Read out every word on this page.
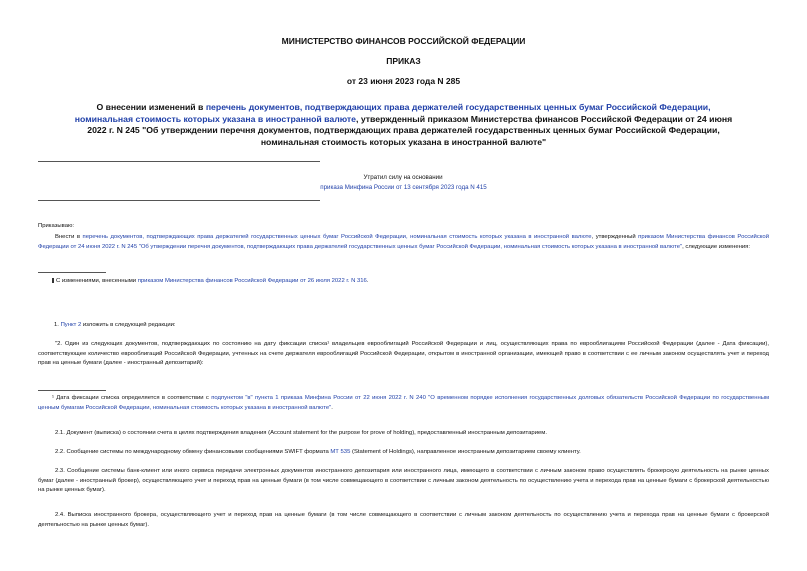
МИНИСТЕРСТВО ФИНАНСОВ РОССИЙСКОЙ ФЕДЕРАЦИИ
ПРИКАЗ
от 23 июня 2023 года N 285
О внесении изменений в перечень документов, подтверждающих права держателей государственных ценных бумаг Российской Федерации, номинальная стоимость которых указана в иностранной валюте, утвержденный приказом Министерства финансов Российской Федерации от 24 июня 2022 г. N 245 "Об утверждении перечня документов, подтверждающих права держателей государственных ценных бумаг Российской Федерации, номинальная стоимость которых указана в иностранной валюте"
Утратил силу на основании
приказа Минфина России от 13 сентября 2023 года N 415
Приказываю:
Внести в перечень документов, подтверждающих права держателей государственных ценных бумаг Российской Федерации, номинальная стоимость которых указана в иностранной валюте, утвержденный приказом Министерства финансов Российской Федерации от 24 июня 2022 г. N 245 "Об утверждении перечня документов, подтверждающих права держателей государственных ценных бумаг Российской Федерации, номинальная стоимость которых указана в иностранной валюте", следующие изменения:
С изменениями, внесенными приказом Министерства финансов Российской Федерации от 26 июля 2022 г. N 316.
1. Пункт 2 изложить в следующей редакции:
"2. Один из следующих документов, подтверждающих по состоянию на дату фиксации списка¹ владельцев еврооблигаций Российской Федерации и лиц, осуществляющих права по еврооблигациям Российской Федерации (далее - Дата фиксации), соответствующее количество еврооблигаций Российской Федерации, учтенных на счете держателя еврооблигаций Российской Федерации, открытом в иностранной организации, имеющей право в соответствии с ее личным законом осуществлять учет и переход прав на ценные бумаги (далее - иностранный депозитарий):
¹ Дата фиксации списка определяется в соответствии с подпунктом "в" пункта 1 приказа Минфина России от 22 июня 2022 г. N 240 "О временном порядке исполнения государственных долговых обязательств Российской Федерации по государственным ценным бумагам Российской Федерации, номинальная стоимость которых указана в иностранной валюте".
2.1. Документ (выписка) о состоянии счета в целях подтверждения владения (Account statement for the purpose for prove of holding), предоставленный иностранным депозитарием.
2.2. Сообщение системы по международному обмену финансовыми сообщениями SWIFT формата МТ 535 (Statement of Holdings), направленное иностранным депозитарием своему клиенту.
2.3. Сообщение системы банк-клиент или иного сервиса передачи электронных документов иностранного депозитария или иностранного лица, имеющего в соответствии с личным законом право осуществлять брокерскую деятельность на рынке ценных бумаг (далее - иностранный брокер), осуществляющего учет и переход прав на ценные бумаги (в том числе совмещающего в соответствии с личным законом деятельность по осуществлению учета и перехода прав на ценные бумаги с брокерской деятельностью на рынке ценных бумаг).
2.4. Выписка иностранного брокера, осуществляющего учет и переход прав на ценные бумаги (в том числе совмещающего в соответствии с личным законом деятельность по осуществлению учета и перехода прав на ценные бумаги с брокерской деятельностью на рынке ценных бумаг).
